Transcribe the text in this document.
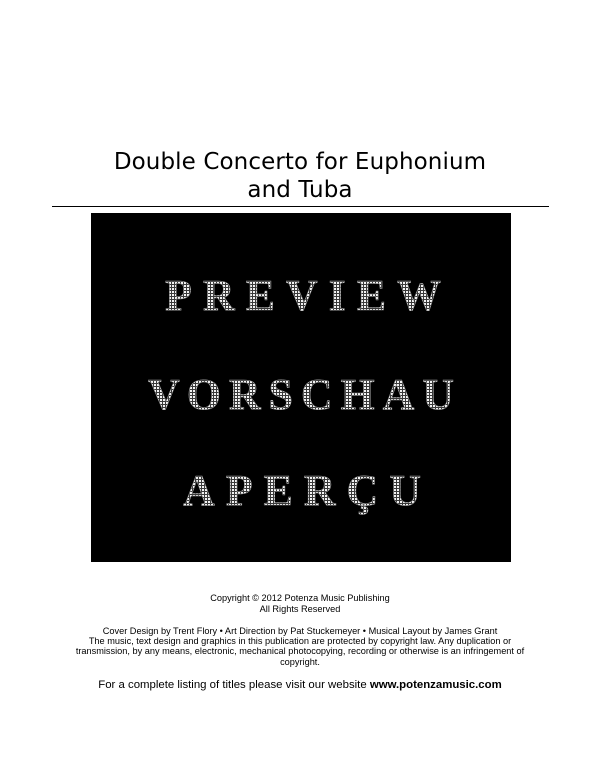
Double Concerto for Euphonium
and Tuba
PREVIEW
VORSCHAU
APERÇU
Copyright © 2012 Potenza Music Publishing
All Rights Reserved
Cover Design by Trent Flory • Art Direction by Pat Stuckemeyer • Musical Layout by James Grant
The music, text design and graphics in this publication are protected by copyright law. Any duplication or
transmission, by any means, electronic, mechanical photocopying, recording or otherwise is an infringement of
copyright.
For a complete listing of titles please visit our website www.potenzamusic.com
